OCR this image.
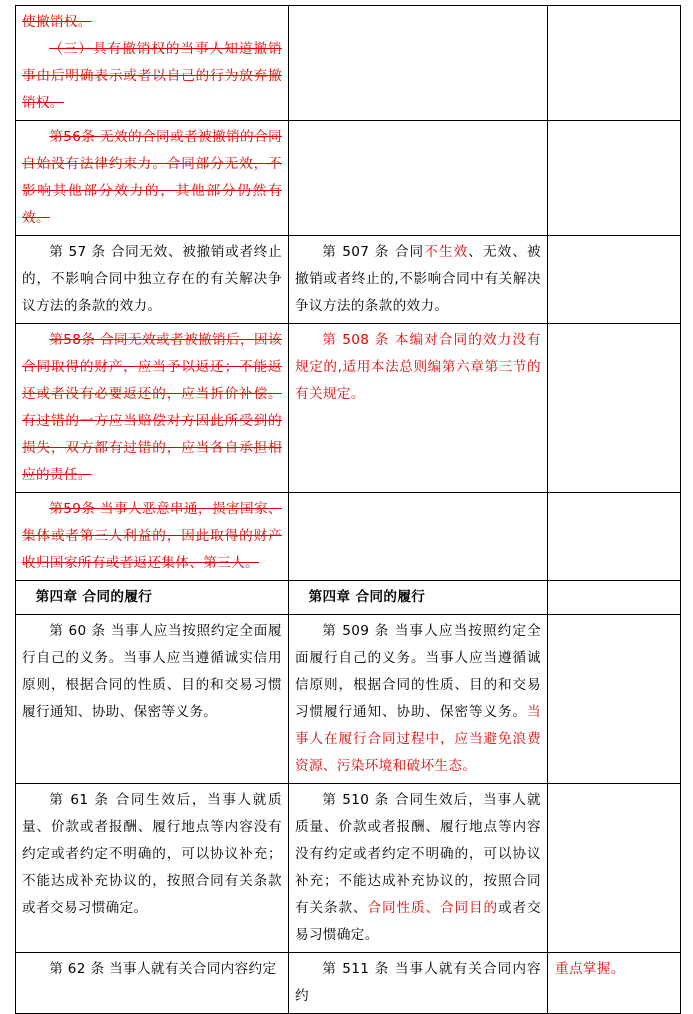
使撤销权。

（三）具有撤销权的当事人知道撤销事由后明确表示或者以自己的行为放弃撤销权。		

第56条 无效的合同或者被撤销的合同自始没有法律约束力。合同部分无效，不影响其他部分效力的，其他部分仍然有效。		

第 57 条 合同无效、被撤销或者终止的，不影响合同中独立存在的有关解决争议方法的条款的效力。	第 507 条 合同不生效、无效、被撤销或者终止的,不影响合同中有关解决争议方法的条款的效力。	

第58条 合同无效或者被撤销后，因该合同取得的财产，应当予以返还；不能返还或者没有必要返还的，应当折价补偿。有过错的一方应当赔偿对方因此所受到的损失，双方都有过错的，应当各自承担相应的责任。	第 508 条 本编对合同的效力没有规定的,适用本法总则编第六章第三节的有关规定。	

第59条 当事人恶意串通，损害国家、集体或者第三人利益的，因此取得的财产收归国家所有或者返还集体、第三人。		

第四章 合同的履行	第四章 合同的履行	

第 60 条 当事人应当按照约定全面履行自己的义务。当事人应当遵循诚实信用原则，根据合同的性质、目的和交易习惯履行通知、协助、保密等义务。	第 509 条 当事人应当按照约定全面履行自己的义务。当事人应当遵循诚信原则，根据合同的性质、目的和交易习惯履行通知、协助、保密等义务。当事人在履行合同过程中，应当避免浪费资源、污染环境和破坏生态。	

第 61 条 合同生效后，当事人就质量、价款或者报酬、履行地点等内容没有约定或者约定不明确的，可以协议补充；不能达成补充协议的，按照合同有关条款或者交易习惯确定。	第 510 条 合同生效后，当事人就质量、价款或者报酬、履行地点等内容没有约定或者约定不明确的，可以协议补充；不能达成补充协议的，按照合同有关条款、合同性质、合同目的或者交易习惯确定。	

第 62 条 当事人就有关合同内容约定	第 511 条 当事人就有关合同内容约	重点掌握。
